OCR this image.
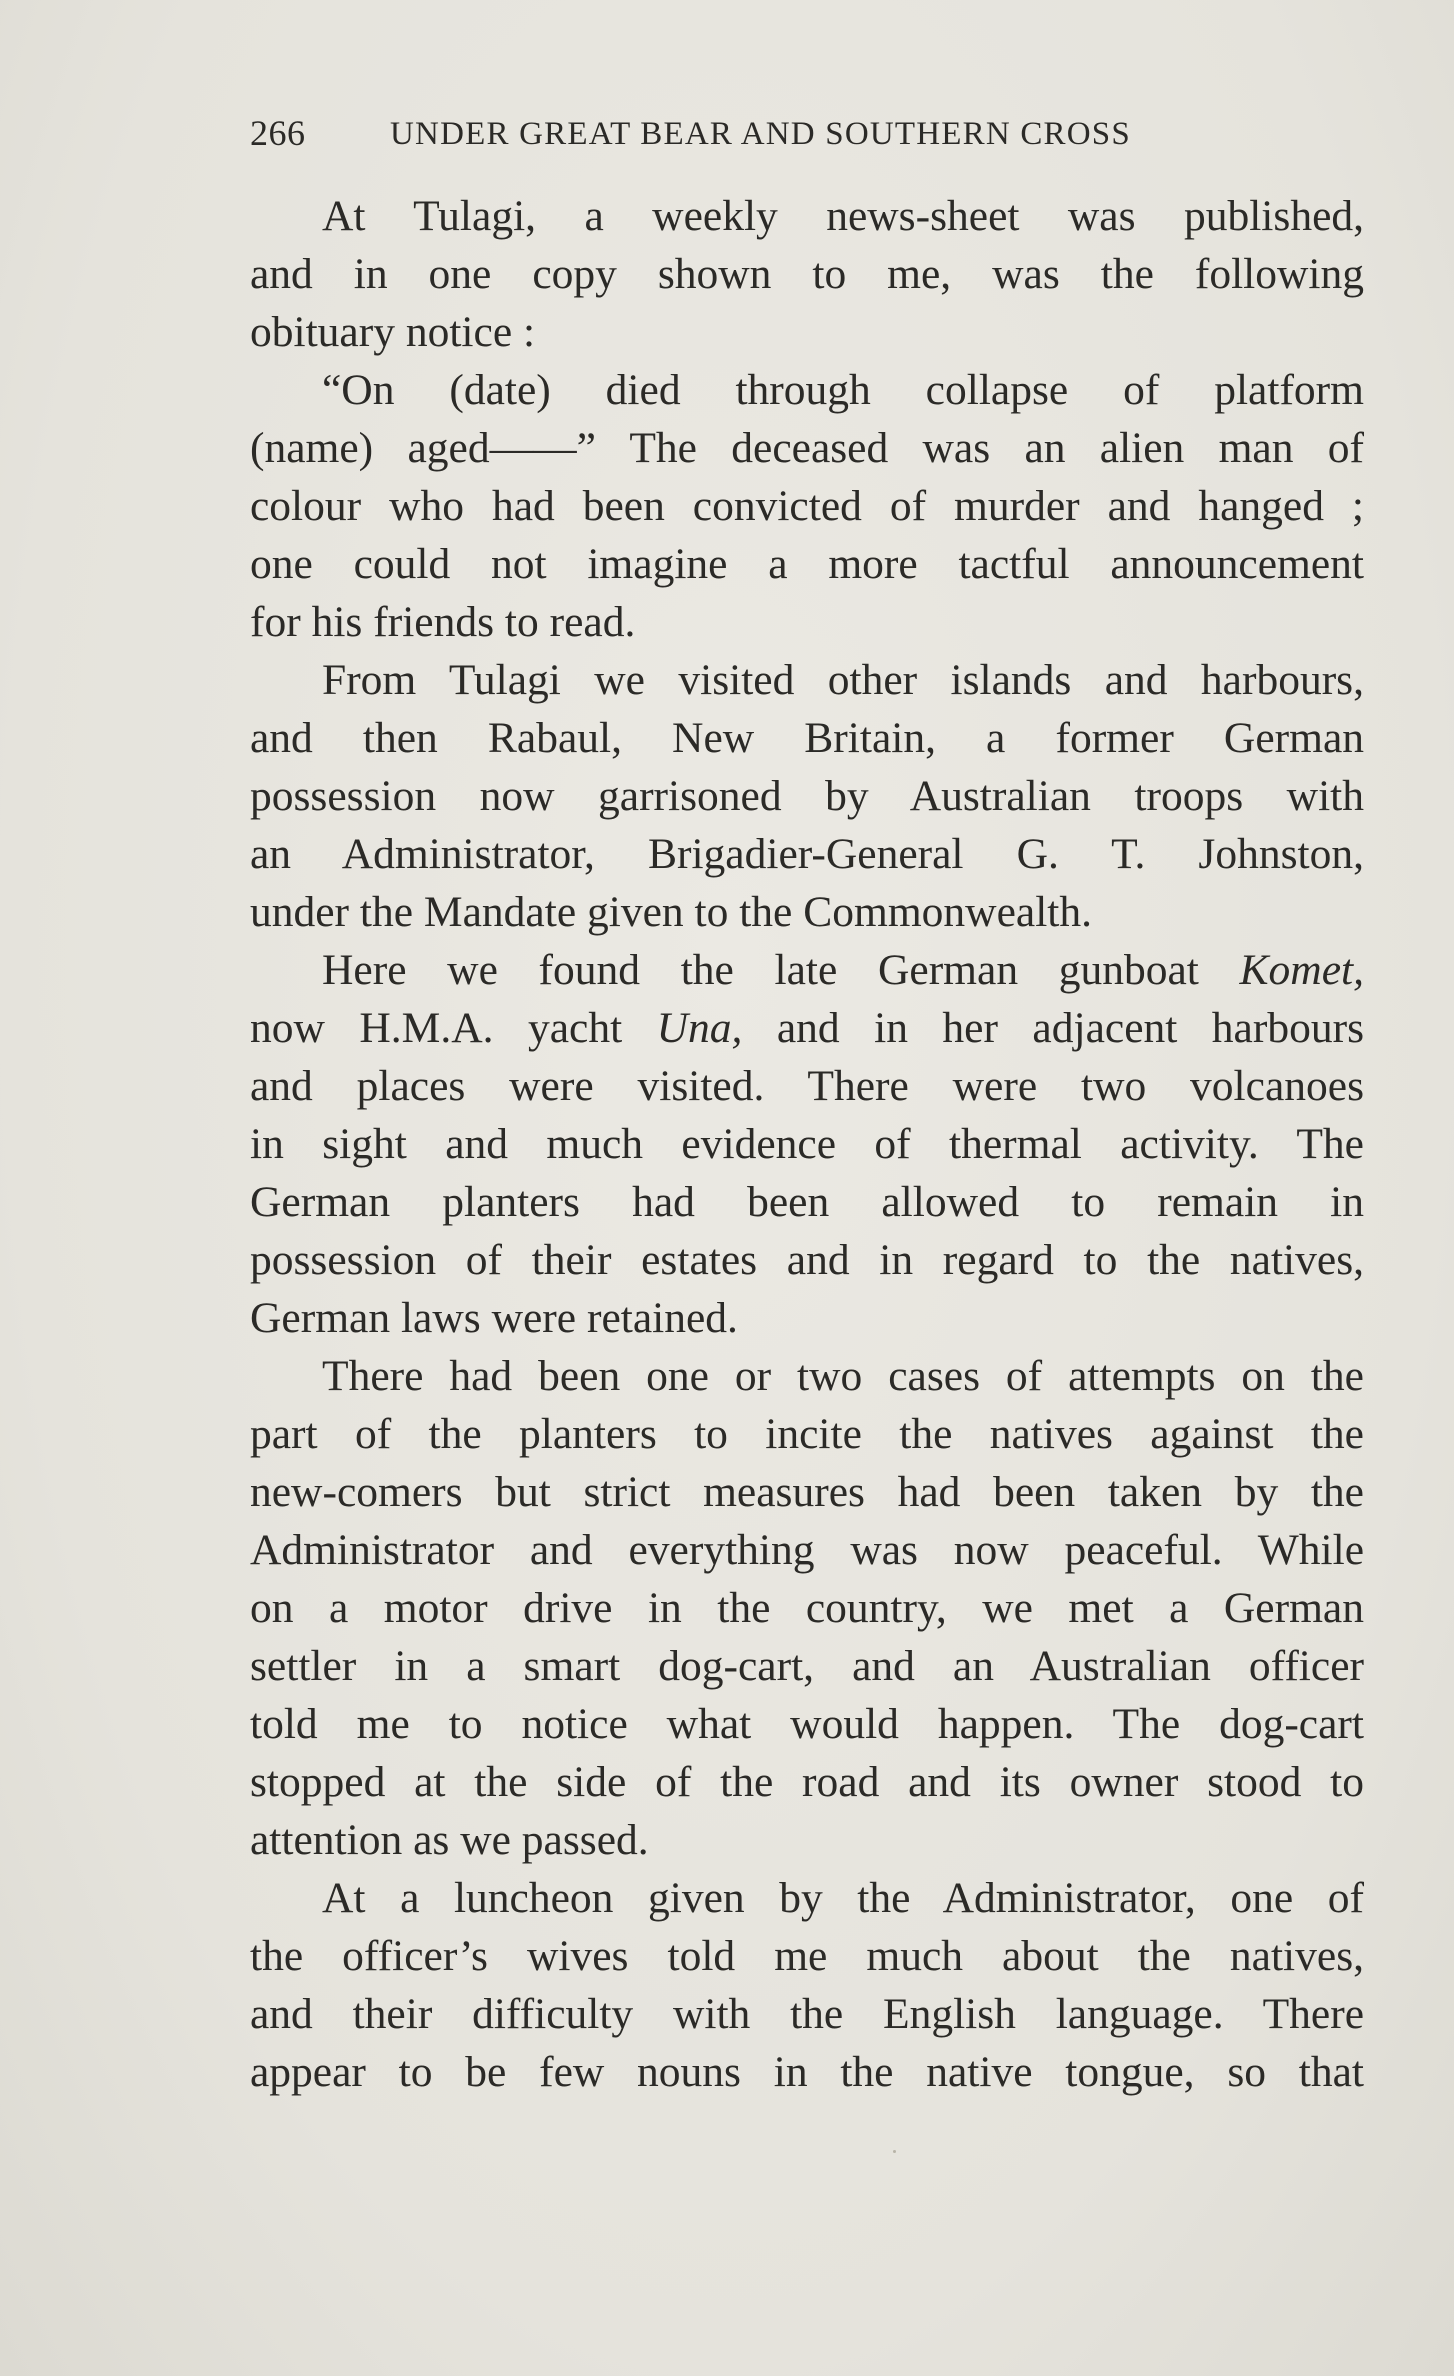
266	UNDER GREAT BEAR AND SOUTHERN CROSS
At Tulagi, a weekly news-sheet was published,
and in one copy shown to me, was the following
obituary notice :
“On (date) died through collapse of platform
(name) aged——” The deceased was an alien man of
colour who had been convicted of murder and hanged ;
one could not imagine a more tactful announcement
for his friends to read.
From Tulagi we visited other islands and harbours,
and then Rabaul, New Britain, a former German
possession now garrisoned by Australian troops with
an Administrator, Brigadier-General G. T. Johnston,
under the Mandate given to the Commonwealth.
Here we found the late German gunboat Komet,
now H.M.A. yacht Una, and in her adjacent harbours
and places were visited. There were two volcanoes
in sight and much evidence of thermal activity. The
German planters had been allowed to remain in
possession of their estates and in regard to the natives,
German laws were retained.
There had been one or two cases of attempts on the
part of the planters to incite the natives against the
new-comers but strict measures had been taken by the
Administrator and everything was now peaceful. While
on a motor drive in the country, we met a German
settler in a smart dog-cart, and an Australian officer
told me to notice what would happen. The dog-cart
stopped at the side of the road and its owner stood to
attention as we passed.
At a luncheon given by the Administrator, one of
the officer’s wives told me much about the natives,
and their difficulty with the English language. There
appear to be few nouns in the native tongue, so that
